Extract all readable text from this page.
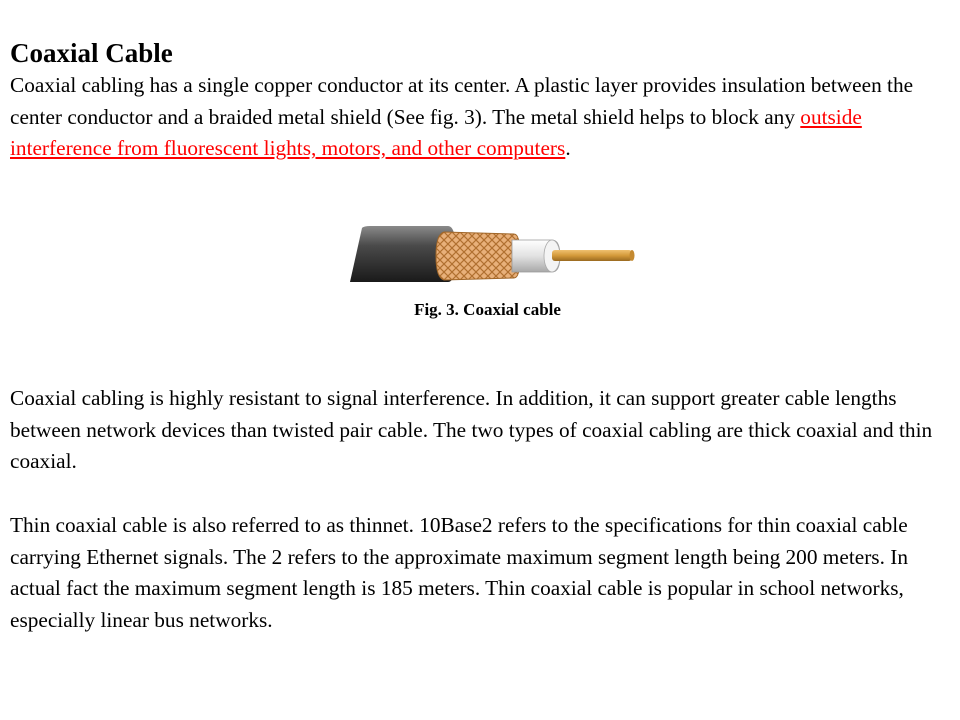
Coaxial Cable

Coaxial cabling has a single copper conductor at its center. A plastic layer provides insulation between the center conductor and a braided metal shield (See fig. 3). The metal shield helps to block any outside interference from fluorescent lights, motors, and other computers.

Fig. 3. Coaxial cable

Coaxial cabling is highly resistant to signal interference. In addition, it can support greater cable lengths between network devices than twisted pair cable. The two types of coaxial cabling are thick coaxial and thin coaxial.

Thin coaxial cable is also referred to as thinnet. 10Base2 refers to the specifications for thin coaxial cable carrying Ethernet signals. The 2 refers to the approximate maximum segment length being 200 meters. In actual fact the maximum segment length is 185 meters. Thin coaxial cable is popular in school networks, especially linear bus networks.
